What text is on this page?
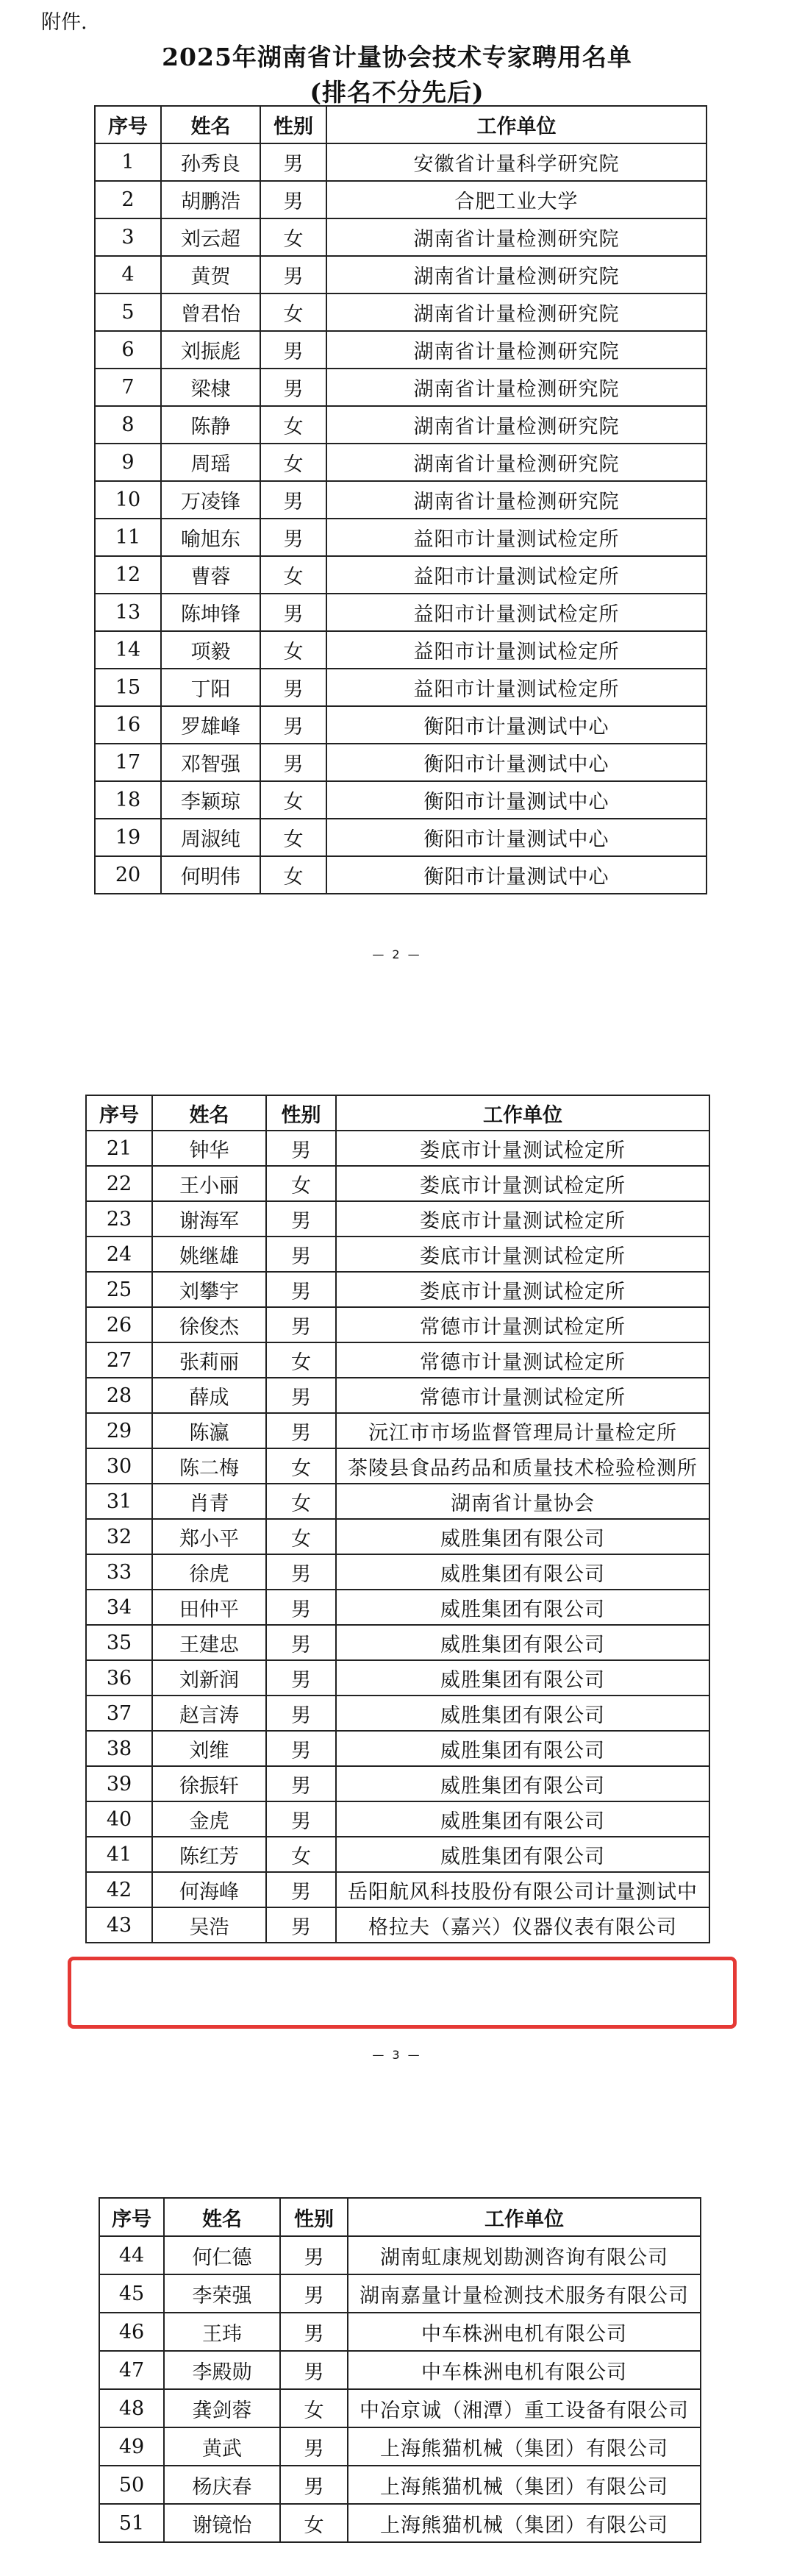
附件.
2025年湖南省计量协会技术专家聘用名单
(排名不分先后)
序号	姓名	性别	工作单位
1	孙秀良	男	安徽省计量科学研究院
2	胡鹏浩	男	合肥工业大学
3	刘云超	女	湖南省计量检测研究院
4	黄贺	男	湖南省计量检测研究院
5	曾君怡	女	湖南省计量检测研究院
6	刘振彪	男	湖南省计量检测研究院
7	梁棣	男	湖南省计量检测研究院
8	陈静	女	湖南省计量检测研究院
9	周瑶	女	湖南省计量检测研究院
10	万凌锋	男	湖南省计量检测研究院
11	喻旭东	男	益阳市计量测试检定所
12	曹蓉	女	益阳市计量测试检定所
13	陈坤锋	男	益阳市计量测试检定所
14	项毅	女	益阳市计量测试检定所
15	丁阳	男	益阳市计量测试检定所
16	罗雄峰	男	衡阳市计量测试中心
17	邓智强	男	衡阳市计量测试中心
18	李颖琼	女	衡阳市计量测试中心
19	周淑纯	女	衡阳市计量测试中心
20	何明伟	女	衡阳市计量测试中心
— 2 —
序号	姓名	性别	工作单位
21	钟华	男	娄底市计量测试检定所
22	王小丽	女	娄底市计量测试检定所
23	谢海军	男	娄底市计量测试检定所
24	姚继雄	男	娄底市计量测试检定所
25	刘攀宇	男	娄底市计量测试检定所
26	徐俊杰	男	常德市计量测试检定所
27	张莉丽	女	常德市计量测试检定所
28	薛成	男	常德市计量测试检定所
29	陈瀛	男	沅江市市场监督管理局计量检定所
30	陈二梅	女	茶陵县食品药品和质量技术检验检测所
31	肖青	女	湖南省计量协会
32	郑小平	女	威胜集团有限公司
33	徐虎	男	威胜集团有限公司
34	田仲平	男	威胜集团有限公司
35	王建忠	男	威胜集团有限公司
36	刘新润	男	威胜集团有限公司
37	赵言涛	男	威胜集团有限公司
38	刘维	男	威胜集团有限公司
39	徐振轩	男	威胜集团有限公司
40	金虎	男	威胜集团有限公司
41	陈红芳	女	威胜集团有限公司
42	何海峰	男	岳阳航风科技股份有限公司计量测试中
43	吴浩	男	格拉夫（嘉兴）仪器仪表有限公司
— 3 —
序号	姓名	性别	工作单位
44	何仁德	男	湖南虹康规划勘测咨询有限公司
45	李荣强	男	湖南嘉量计量检测技术服务有限公司
46	王玮	男	中车株洲电机有限公司
47	李殿勋	男	中车株洲电机有限公司
48	龚剑蓉	女	中冶京诚（湘潭）重工设备有限公司
49	黄武	男	上海熊猫机械（集团）有限公司
50	杨庆春	男	上海熊猫机械（集团）有限公司
51	谢镜怡	女	上海熊猫机械（集团）有限公司
